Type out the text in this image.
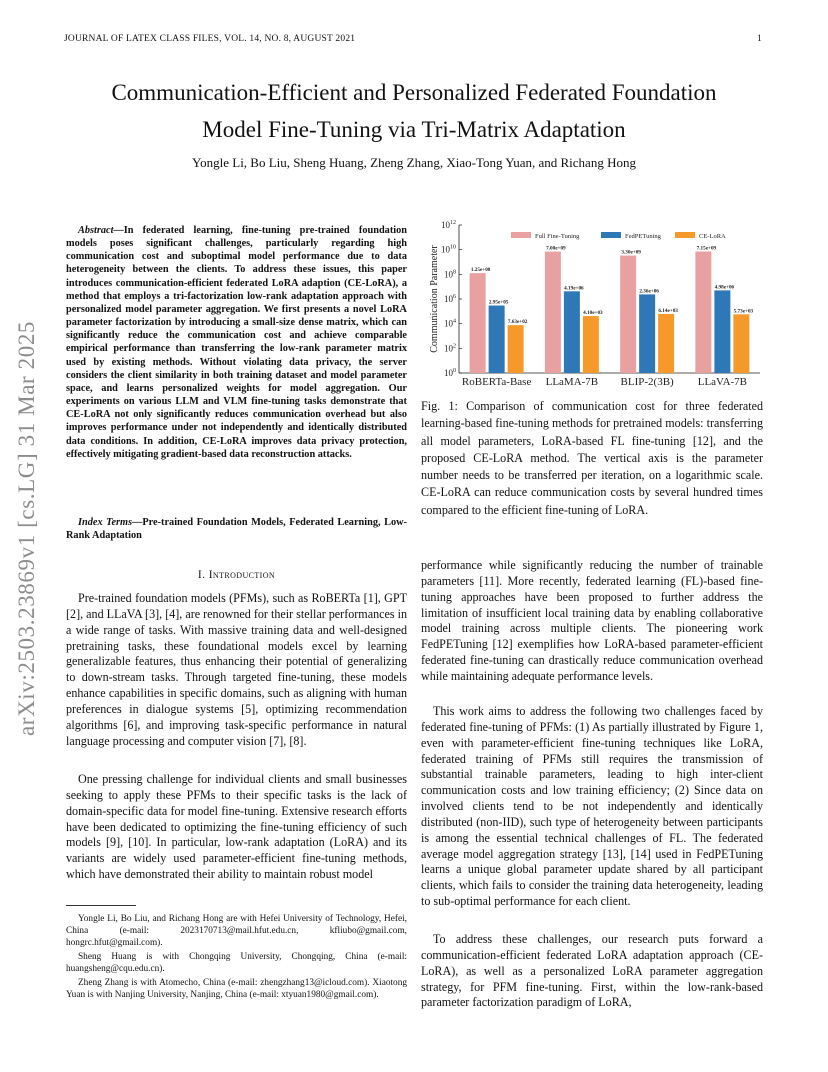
JOURNAL OF LATEX CLASS FILES, VOL. 14, NO. 8, AUGUST 2021	1
Communication-Efficient and Personalized Federated Foundation
Model Fine-Tuning via Tri-Matrix Adaptation
Yongle Li, Bo Liu, Sheng Huang, Zheng Zhang, Xiao-Tong Yuan, and Richang Hong
arXiv:2503.23869v1 [cs.LG] 31 Mar 2025
Abstract—In federated learning, fine-tuning pre-trained foundation models poses significant challenges, particularly regarding high communication cost and suboptimal model performance due to data heterogeneity between the clients. To address these issues, this paper introduces communication-efficient federated LoRA adaption (CE-LoRA), a method that employs a tri-factorization low-rank adaptation approach with personalized model parameter aggregation. We first presents a novel LoRA parameter factorization by introducing a small-size dense matrix, which can significantly reduce the communication cost and achieve comparable empirical performance than transferring the low-rank parameter matrix used by existing methods. Without violating data privacy, the server considers the client similarity in both training dataset and model parameter space, and learns personalized weights for model aggregation. Our experiments on various LLM and VLM fine-tuning tasks demonstrate that CE-LoRA not only significantly reduces communication overhead but also improves performance under not independently and identically distributed data conditions. In addition, CE-LoRA improves data privacy protection, effectively mitigating gradient-based data reconstruction attacks.
Index Terms—Pre-trained Foundation Models, Federated Learning, Low-Rank Adaptation
I. Introduction

Pre-trained foundation models (PFMs), such as RoBERTa [1], GPT [2], and LLaVA [3], [4], are renowned for their stellar performances in a wide range of tasks. With massive training data and well-designed pretraining tasks, these foundational models excel by learning generalizable features, thus enhancing their potential of generalizing to down-stream tasks. Through targeted fine-tuning, these models enhance capabilities in specific domains, such as aligning with human preferences in dialogue systems [5], optimizing recommendation algorithms [6], and improving task-specific performance in natural language processing and computer vision [7], [8].

One pressing challenge for individual clients and small businesses seeking to apply these PFMs to their specific tasks is the lack of domain-specific data for model fine-tuning. Extensive research efforts have been dedicated to optimizing the fine-tuning efficiency of such models [9], [10]. In particular, low-rank adaptation (LoRA) and its variants are widely used parameter-efficient fine-tuning methods, which have demonstrated their ability to maintain robust model

Yongle Li, Bo Liu, and Richang Hong are with Hefei University of Technology, Hefei, China (e-mail: 2023170713@mail.hfut.edu.cn, kfliubo@gmail.com, hongrc.hfut@gmail.com).

Sheng Huang is with Chongqing University, Chongqing, China (e-mail: huangsheng@cqu.edu.cn).

Zheng Zhang is with Atomecho, China (e-mail: zhengzhang13@icloud.com). Xiaotong Yuan is with Nanjing University, Nanjing, China (e-mail: xtyuan1980@gmail.com).

$10^0$
$10^2$
$10^4$
$10^6$
$10^8$
$10^{10}$
$10^{12}$
Communication Parameter	1.25e+08
2.95e+05
7.63e+02
RoBERTa-Base
7.00e+09
4.19e+06
4.10e+03
LLaMA-7B
3.30e+09
2.36e+06
6.14e+03
BLIP-2(3B)
7.15e+09
4.98e+06
5.73e+03
LLaVA-7B
Full Fine-Tuning	FedPETuning	CE-LoRA

Fig. 1: Comparison of communication cost for three federated learning-based fine-tuning methods for pretrained models: transferring all model parameters, LoRA-based FL fine-tuning [12], and the proposed CE-LoRA method. The vertical axis is the parameter number needs to be transferred per iteration, on a logarithmic scale. CE-LoRA can reduce communication costs by several hundred times compared to the efficient fine-tuning of LoRA.

performance while significantly reducing the number of trainable parameters [11]. More recently, federated learning (FL)-based fine-tuning approaches have been proposed to further address the limitation of insufficient local training data by enabling collaborative model training across multiple clients. The pioneering work FedPETuning [12] exemplifies how LoRA-based parameter-efficient federated fine-tuning can drastically reduce communication overhead while maintaining adequate performance levels.

This work aims to address the following two challenges faced by federated fine-tuning of PFMs: (1) As partially illustrated by Figure 1, even with parameter-efficient fine-tuning techniques like LoRA, federated training of PFMs still requires the transmission of substantial trainable parameters, leading to high inter-client communication costs and low training efficiency; (2) Since data on involved clients tend to be not independently and identically distributed (non-IID), such type of heterogeneity between participants is among the essential technical challenges of FL. The federated average model aggregation strategy [13], [14] used in FedPETuning learns a unique global parameter update shared by all participant clients, which fails to consider the training data heterogeneity, leading to sub-optimal performance for each client.

To address these challenges, our research puts forward a communication-efficient federated LoRA adaptation approach (CE-LoRA), as well as a personalized LoRA parameter aggregation strategy, for PFM fine-tuning. First, within the low-rank-based parameter factorization paradigm of LoRA,
